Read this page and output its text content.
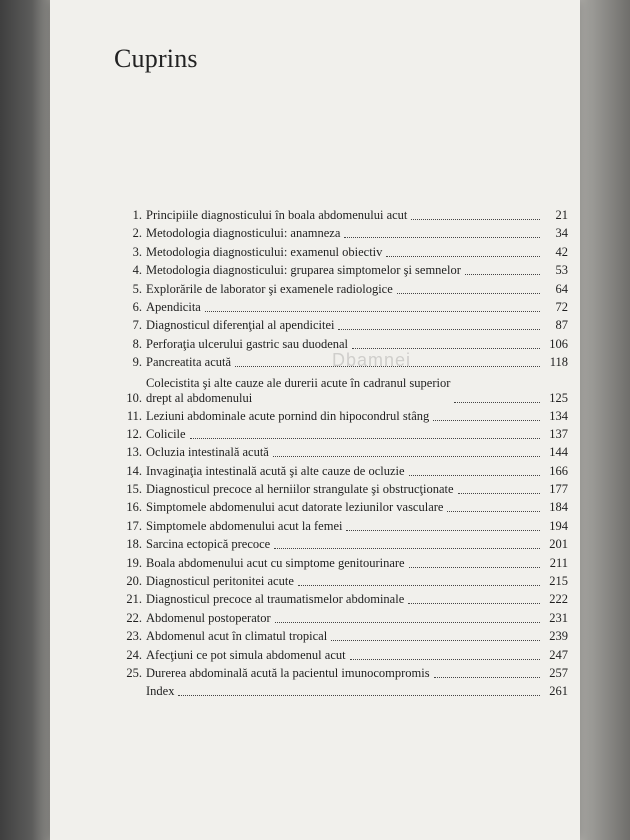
Cuprins
Dbamnei
1. Principiile diagnosticului în boala abdomenului acut	21
2. Metodologia diagnosticului: anamneza	34
3. Metodologia diagnosticului: examenul obiectiv	42
4. Metodologia diagnosticului: gruparea simptomelor şi semnelor	53
5. Explorările de laborator şi examenele radiologice	64
6. Apendicita	72
7. Diagnosticul diferenţial al apendicitei	87
8. Perforaţia ulcerului gastric sau duodenal	106
9. Pancreatita acută	118
10.
Colecistita şi alte cauze ale durerii acute în cadranul superior
drept al abdomenului	125
11. Leziuni abdominale acute pornind din hipocondrul stâng	134
12. Colicile	137
13. Ocluzia intestinală acută	144
14. Invaginaţia intestinală acută şi alte cauze de ocluzie	166
15. Diagnosticul precoce al herniilor strangulate şi obstrucţionate	177
16. Simptomele abdomenului acut datorate leziunilor vasculare	184
17. Simptomele abdomenului acut la femei	194
18. Sarcina ectopică precoce	201
19. Boala abdomenului acut cu simptome genitourinare	211
20. Diagnosticul peritonitei acute	215
21. Diagnosticul precoce al traumatismelor abdominale	222
22. Abdomenul postoperator	231
23. Abdomenul acut în climatul tropical	239
24. Afecţiuni ce pot simula abdomenul acut	247
25. Durerea abdominală acută la pacientul imunocompromis	257
Index	261
